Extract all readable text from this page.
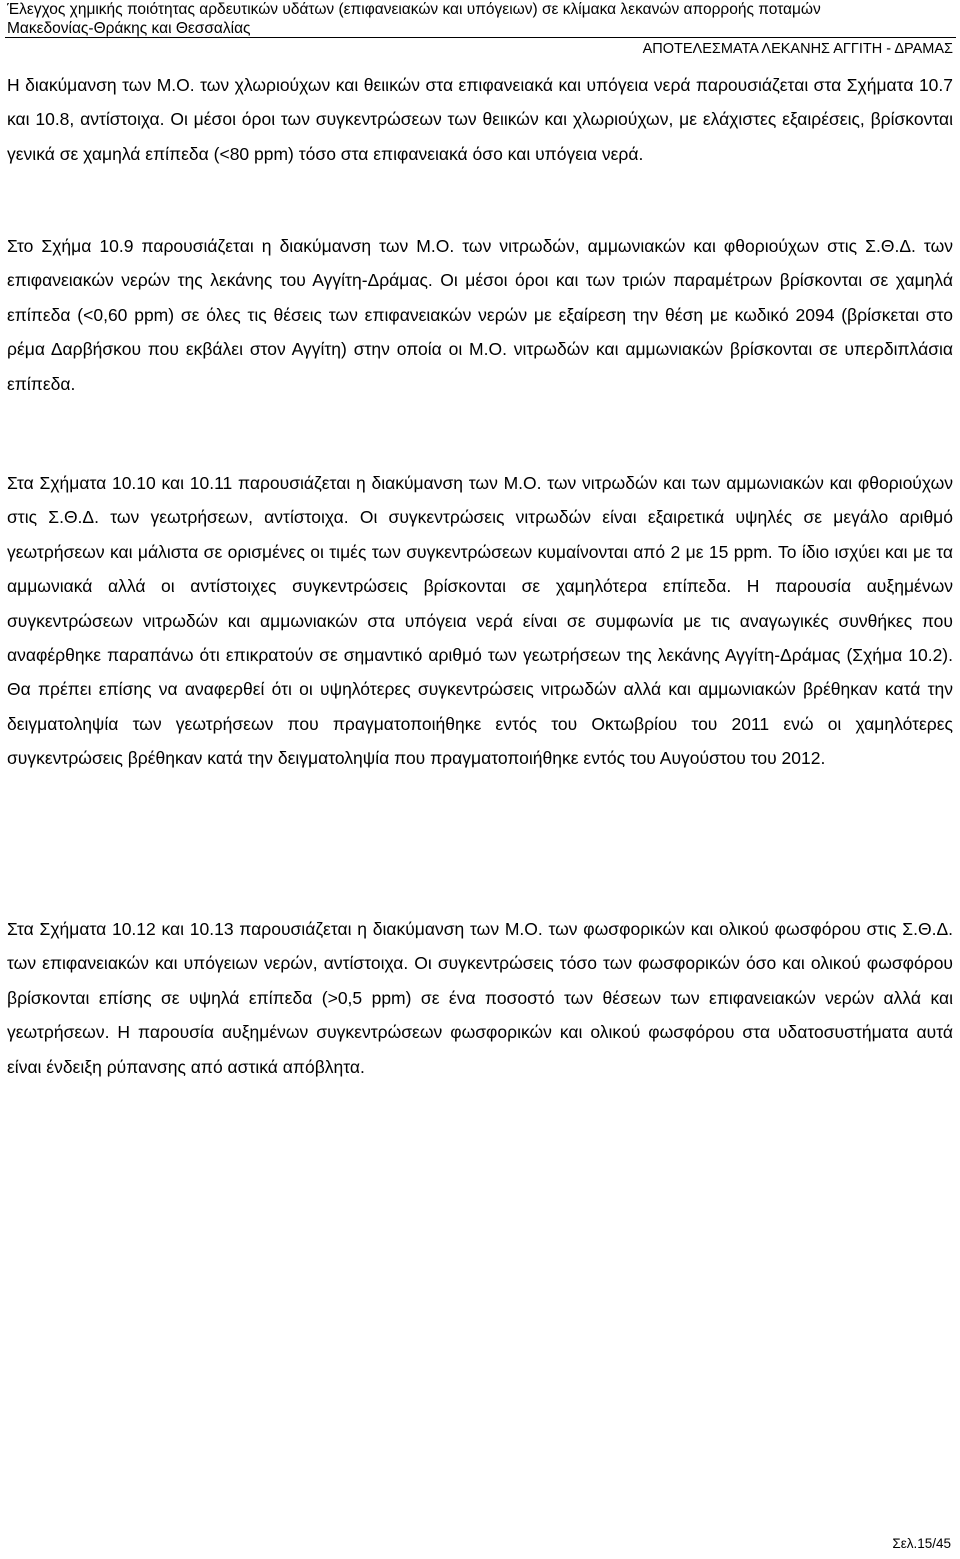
Έλεγχος χημικής ποιότητας αρδευτικών υδάτων (επιφανειακών και υπόγειων) σε κλίμακα λεκανών απορροής ποταμών
Μακεδονίας-Θράκης και Θεσσαλίας
ΑΠΟΤΕΛΕΣΜΑΤΑ ΛΕΚΑΝΗΣ ΑΓΓΙΤΗ - ΔΡΑΜΑΣ

Η διακύμανση των Μ.Ο. των χλωριούχων και θειικών στα επιφανειακά και υπόγεια νερά παρουσιάζεται στα Σχήματα 10.7 και 10.8, αντίστοιχα. Οι μέσοι όροι των συγκεντρώσεων των θειικών και χλωριούχων, με ελάχιστες εξαιρέσεις, βρίσκονται γενικά σε χαμηλά επίπεδα (<80 ppm) τόσο στα επιφανειακά όσο και υπόγεια νερά.

Στο Σχήμα 10.9 παρουσιάζεται η διακύμανση των Μ.Ο. των νιτρωδών, αμμωνιακών και φθοριούχων στις Σ.Θ.Δ. των επιφανειακών νερών της λεκάνης του Αγγίτη-Δράμας. Οι μέσοι όροι και των τριών παραμέτρων βρίσκονται σε χαμηλά επίπεδα (<0,60 ppm) σε όλες τις θέσεις των επιφανειακών νερών με εξαίρεση την θέση με κωδικό 2094 (βρίσκεται στο ρέμα Δαρβήσκου που εκβάλει στον Αγγίτη) στην οποία οι Μ.Ο. νιτρωδών και αμμωνιακών βρίσκονται σε υπερδιπλάσια επίπεδα.

Στα Σχήματα 10.10 και 10.11 παρουσιάζεται η διακύμανση των Μ.Ο. των νιτρωδών και των αμμωνιακών και φθοριούχων στις Σ.Θ.Δ. των γεωτρήσεων, αντίστοιχα. Οι συγκεντρώσεις νιτρωδών είναι εξαιρετικά υψηλές σε μεγάλο αριθμό γεωτρήσεων και μάλιστα σε ορισμένες οι τιμές των συγκεντρώσεων κυμαίνονται από 2 με 15 ppm. Το ίδιο ισχύει και με τα αμμωνιακά αλλά οι αντίστοιχες συγκεντρώσεις βρίσκονται σε χαμηλότερα επίπεδα. Η παρουσία αυξημένων συγκεντρώσεων νιτρωδών και αμμωνιακών στα υπόγεια νερά είναι σε συμφωνία με τις αναγωγικές συνθήκες που αναφέρθηκε παραπάνω ότι επικρατούν σε σημαντικό αριθμό των γεωτρήσεων της λεκάνης Αγγίτη-Δράμας (Σχήμα 10.2). Θα πρέπει επίσης να αναφερθεί ότι οι υψηλότερες συγκεντρώσεις νιτρωδών αλλά και αμμωνιακών βρέθηκαν κατά την δειγματοληψία των γεωτρήσεων που πραγματοποιήθηκε εντός του Οκτωβρίου του 2011 ενώ οι χαμηλότερες συγκεντρώσεις βρέθηκαν κατά την δειγματοληψία που πραγματοποιήθηκε εντός του Αυγούστου του 2012.

Στα Σχήματα 10.12 και 10.13 παρουσιάζεται η διακύμανση των Μ.Ο. των φωσφορικών και ολικού φωσφόρου στις Σ.Θ.Δ. των επιφανειακών και υπόγειων νερών, αντίστοιχα. Οι συγκεντρώσεις τόσο των φωσφορικών όσο και ολικού φωσφόρου βρίσκονται επίσης σε υψηλά επίπεδα (>0,5 ppm) σε ένα ποσοστό των θέσεων των επιφανειακών νερών αλλά και γεωτρήσεων. Η παρουσία αυξημένων συγκεντρώσεων φωσφορικών και ολικού φωσφόρου στα υδατοσυστήματα αυτά είναι ένδειξη ρύπανσης από αστικά απόβλητα.

Σελ.15/45
